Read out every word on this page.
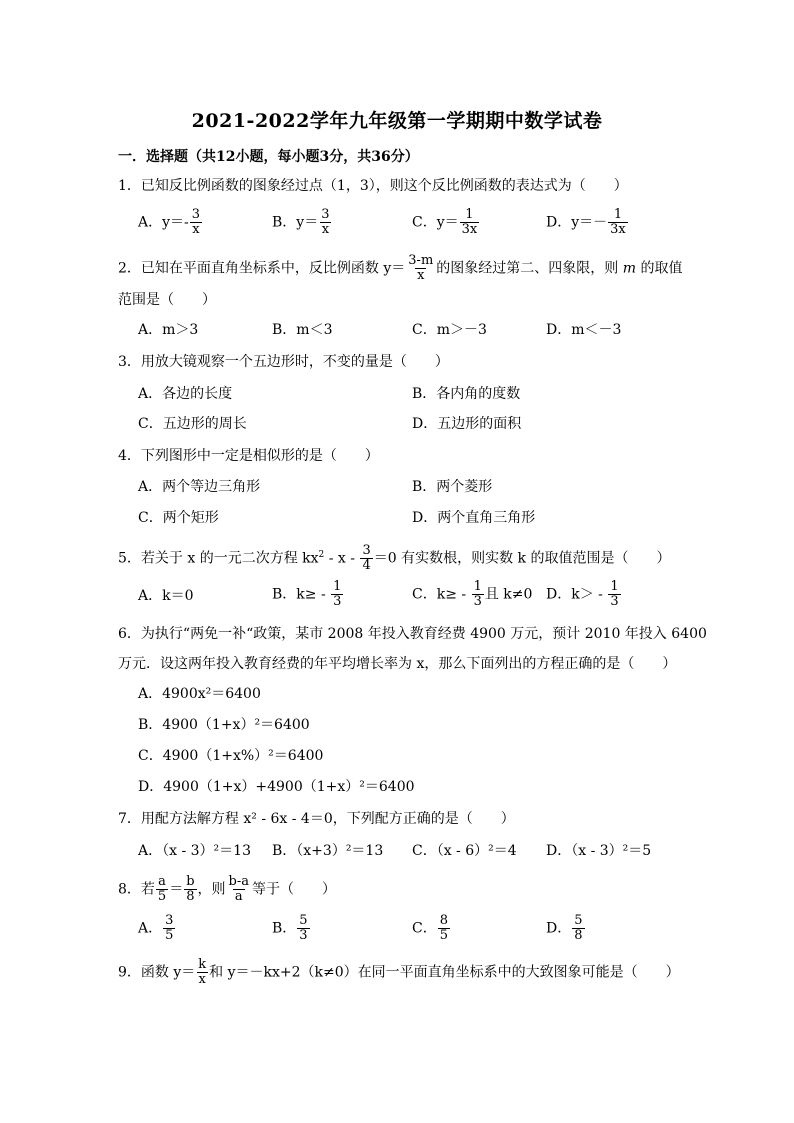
2021-2022学年九年级第一学期期中数学试卷
一．选择题（共12小题，每小题3分，共36分）
1．已知反比例函数的图象经过点（1，3），则这个反比例函数的表达式为（　　）
A．$y=- \frac{3}{x}$	B．$y= \frac{3}{x}$	C．$y= \frac{1}{3x}$	D．$y=- \frac{1}{3x}$
2．已知在平面直角坐标系中，反比例函数 $y= \frac{3-m}{x}$ 的图象经过第二、四象限，则 m 的取值
范围是（　　）
A．m＞3	B．m＜3	C．m＞－3	D．m＜－3
3．用放大镜观察一个五边形时，不变的量是（　　）
A．各边的长度	B．各内角的度数
C．五边形的周长	D．五边形的面积
4．下列图形中一定是相似形的是（　　）
A．两个等边三角形	B．两个菱形
C．两个矩形	D．两个直角三角形
5．若关于 x 的一元二次方程 $kx^2 - x - \frac{3}{4} =0$ 有实数根，则实数 k 的取值范围是（　　）
A．k＝0	B．$k\ge - \frac{1}{3}$	C．$k\ge - \frac{1}{3}$ 且 k≠0 D．$k> - \frac{1}{3}$
6．为执行“两免一补“政策，某市 2008 年投入教育经费 4900 万元，预计 2010 年投入 6400
万元．设这两年投入教育经费的年平均增长率为 x，那么下面列出的方程正确的是（　　）
A．4900x²＝6400
B．4900（1+x）²＝6400
C．4900（1+x%）²＝6400
D．4900（1+x）+4900（1+x）²＝6400
7．用配方法解方程 x² - 6x - 4＝0，下列配方正确的是（　　）
A．（x - 3）²＝13 B．（x+3）²＝13 C．（x - 6）²＝4 D．（x - 3）²＝5
8．若 $\frac{a}{5} = \frac{b}{8}$ ，则 $\frac{b-a}{a}$ 等于（　　）
A． $\frac{3}{5}$	B． $\frac{5}{3}$	C． $\frac{8}{5}$	D． $\frac{5}{8}$
9．函数 $y= \frac{k}{x}$ 和 y＝－kx+2（k≠0）在同一平面直角坐标系中的大致图象可能是（　　）
